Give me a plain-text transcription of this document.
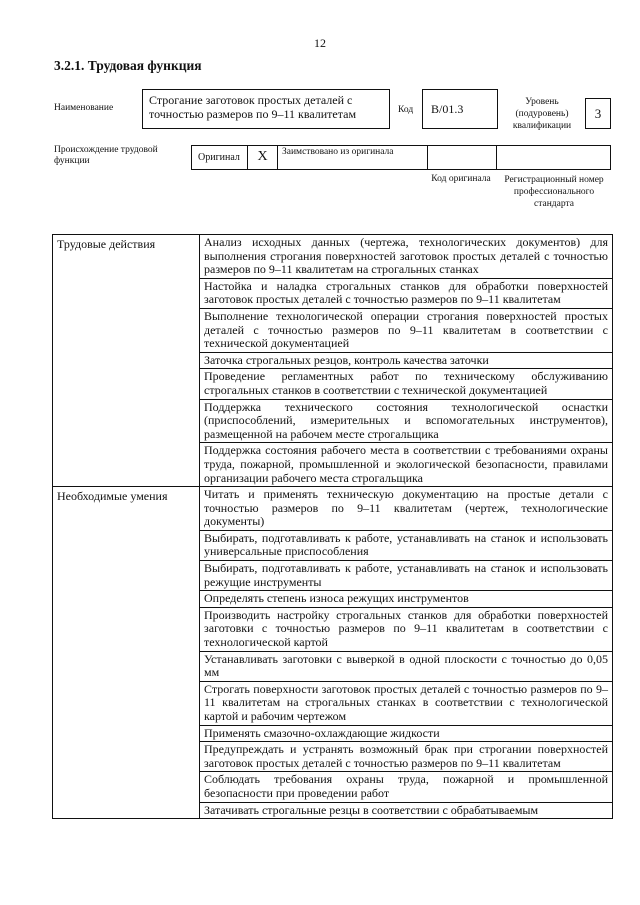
12
3.2.1. Трудовая функция
Наименование
Строгание заготовок простых деталей с точностью размеров по 9–11 квалитетам	Код	B/01.3	Уровень (подуровень) квалификации
3
Происхождение трудовой функции	Оригинал	X	Заимствовано из оригинала
Код оригинала	Регистрационный номер профессионального стандарта
Трудовые действия	Анализ исходных данных (чертежа, технологических документов) для выполнения строгания поверхностей заготовок простых деталей с точностью размеров по 9–11 квалитетам на строгальных станках
	Настойка и наладка строгальных станков для обработки поверхностей заготовок простых деталей с точностью размеров по 9–11 квалитетам
	Выполнение технологической операции строгания поверхностей простых деталей с точностью размеров по 9–11 квалитетам в соответствии с технической документацией
	Заточка строгальных резцов, контроль качества заточки
	Проведение регламентных работ по техническому обслуживанию строгальных станков в соответствии с технической документацией
	Поддержка технического состояния технологической оснастки (приспособлений, измерительных и вспомогательных инструментов), размещенной на рабочем месте строгальщика
	Поддержка состояния рабочего места в соответствии с требованиями охраны труда, пожарной, промышленной и экологической безопасности, правилами организации рабочего места строгальщика
Необходимые умения	Читать и применять техническую документацию на простые детали с точностью размеров по 9–11 квалитетам (чертеж, технологические документы)
	Выбирать, подготавливать к работе, устанавливать на станок и использовать универсальные приспособления
	Выбирать, подготавливать к работе, устанавливать на станок и использовать режущие инструменты
	Определять степень износа режущих инструментов
	Производить настройку строгальных станков для обработки поверхностей заготовки с точностью размеров по 9–11 квалитетам в соответствии с технологической картой
	Устанавливать заготовки с выверкой в одной плоскости с точностью до 0,05 мм
	Строгать поверхности заготовок простых деталей с точностью размеров по 9–11 квалитетам на строгальных станках в соответствии с технологической картой и рабочим чертежом
	Применять смазочно-охлаждающие жидкости
	Предупреждать и устранять возможный брак при строгании поверхностей заготовок простых деталей с точностью размеров по 9–11 квалитетам
	Соблюдать требования охраны труда, пожарной и промышленной безопасности при проведении работ
	Затачивать строгальные резцы в соответствии с обрабатываемым
